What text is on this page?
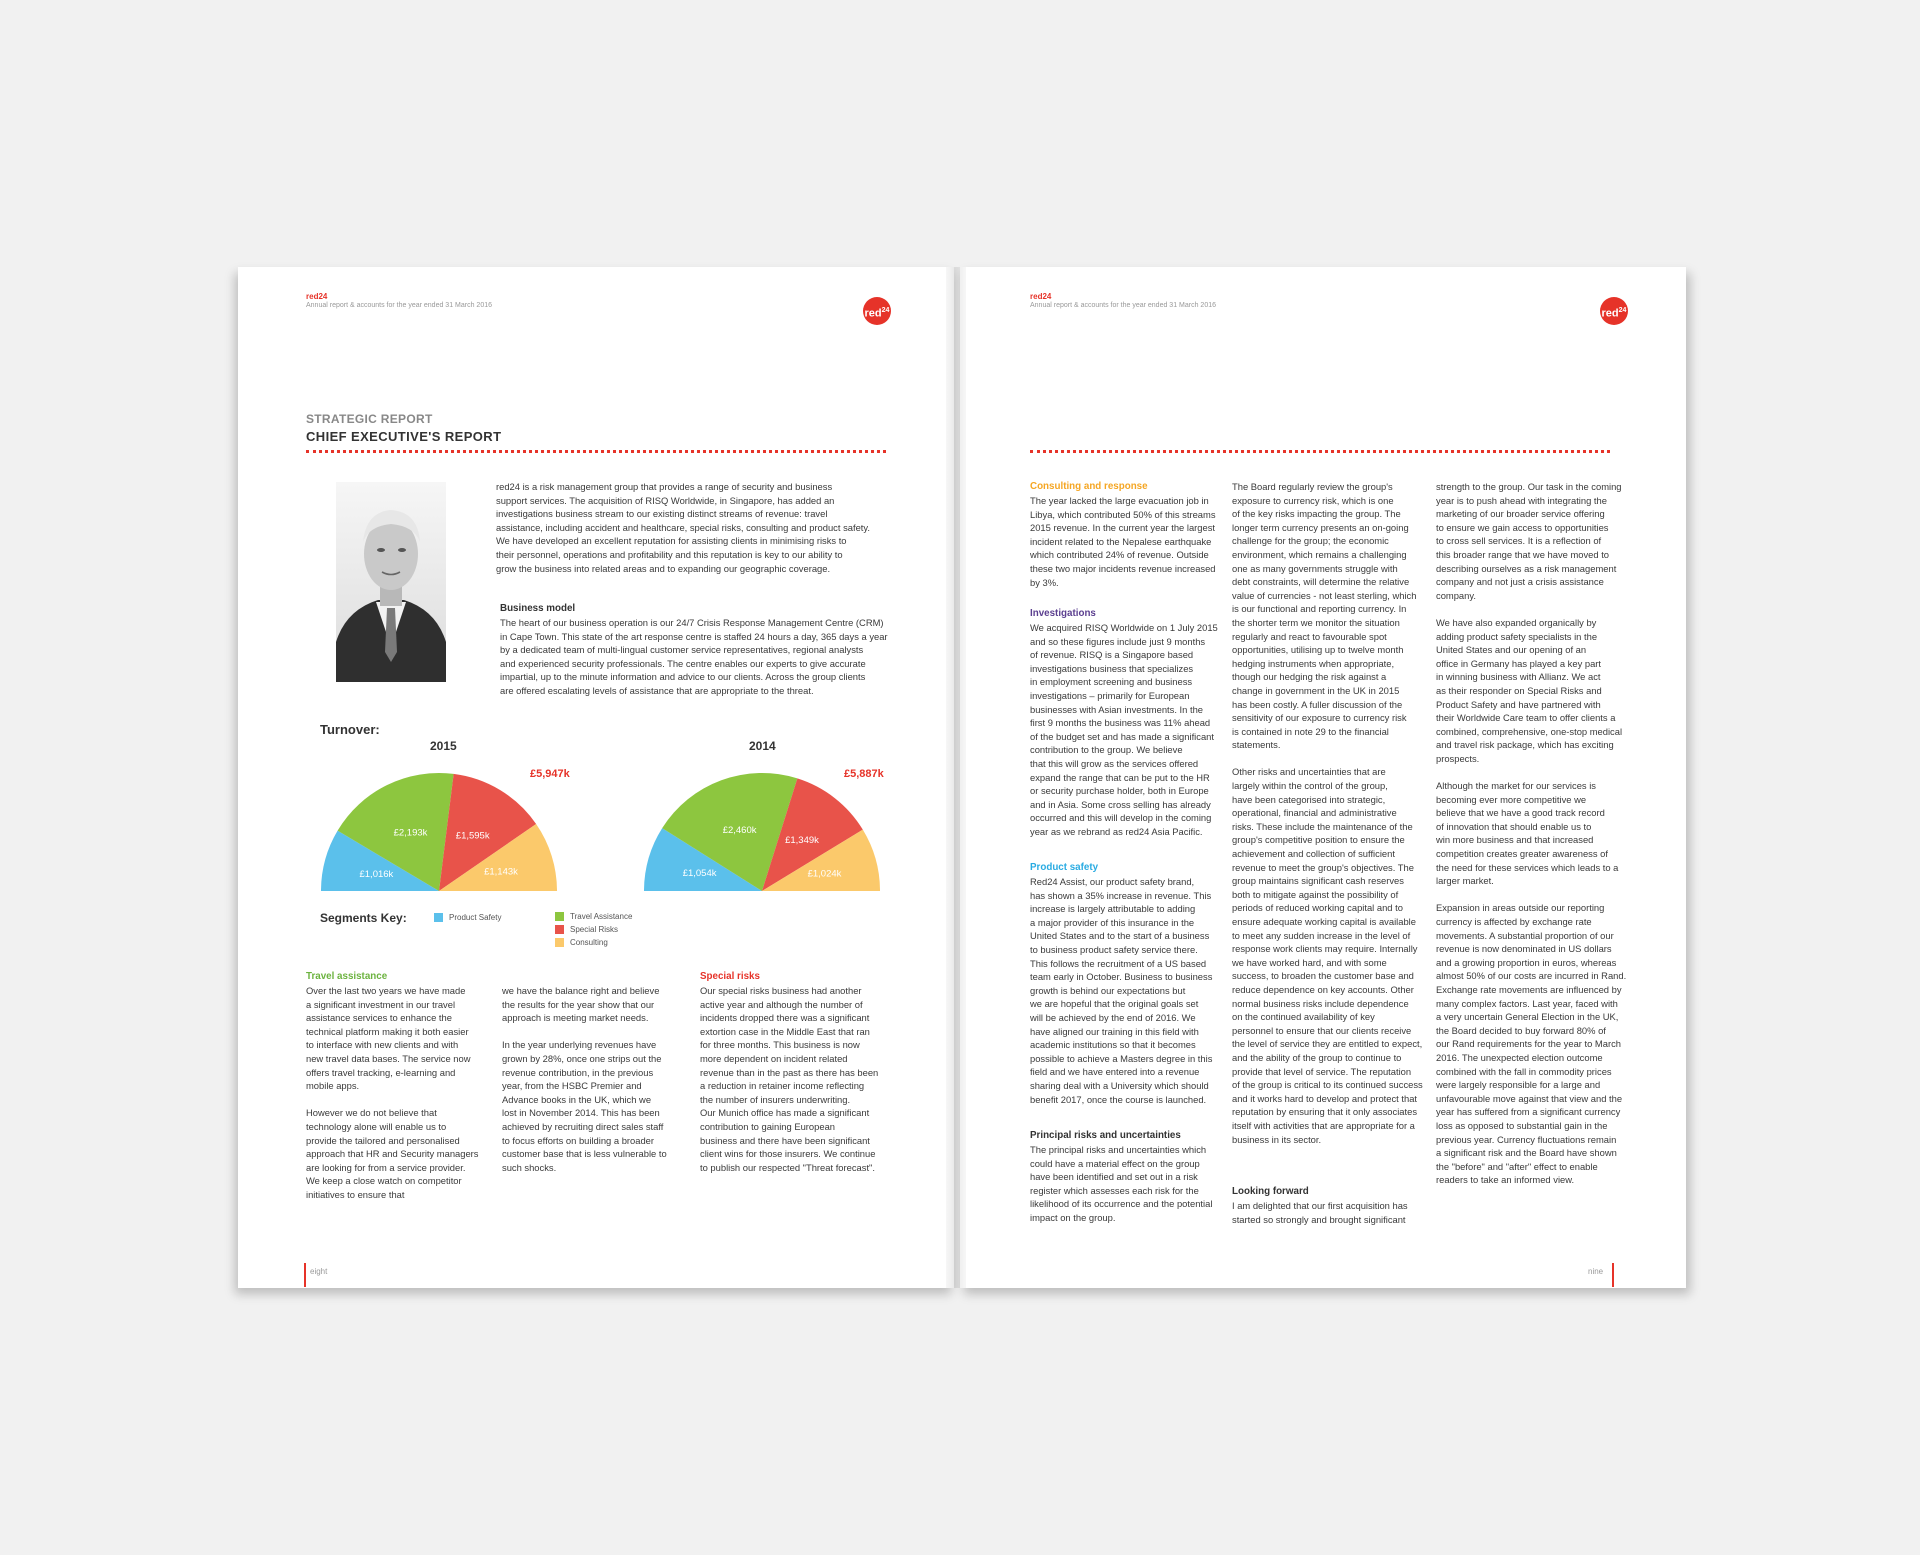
red24
Annual report & accounts for the year ended 31 March 2016
red$^{24}$
STRATEGIC REPORT
CHIEF EXECUTIVE'S REPORT
red24 is a risk management group that provides a range of security and business
support services. The acquisition of RISQ Worldwide, in Singapore, has added an
investigations business stream to our existing distinct streams of revenue: travel
assistance, including accident and healthcare, special risks, consulting and product safety.
We have developed an excellent reputation for assisting clients in minimising risks to
their personnel, operations and profitability and this reputation is key to our ability to
grow the business into related areas and to expanding our geographic coverage.
Business model
The heart of our business operation is our 24/7 Crisis Response Management Centre (CRM)
in Cape Town. This state of the art response centre is staffed 24 hours a day, 365 days a year
by a dedicated team of multi-lingual customer service representatives, regional analysts
and experienced security professionals. The centre enables our experts to give accurate
impartial, up to the minute information and advice to our clients. Across the group clients
are offered escalating levels of assistance that are appropriate to the threat.
Turnover:
2015
£5,947k
£1,016k
£2,193k	£1,595k
£1,143k
2014
£5,887k
£1,054k
£2,460k
£1,349k
£1,024k
Segments Key:	Product Safety	Travel Assistance
Special Risks
Consulting
Travel assistance
Over the last two years we have made
a significant investment in our travel
assistance services to enhance the
technical platform making it both easier
to interface with new clients and with
new travel data bases. The service now
offers travel tracking, e-learning and
mobile apps.

However we do not believe that
technology alone will enable us to
provide the tailored and personalised
approach that HR and Security managers
are looking for from a service provider.
We keep a close watch on competitor
initiatives to ensure that
we have the balance right and believe
the results for the year show that our
approach is meeting market needs.

In the year underlying revenues have
grown by 28%, once one strips out the
revenue contribution, in the previous
year, from the HSBC Premier and
Advance books in the UK, which we
lost in November 2014. This has been
achieved by recruiting direct sales staff
to focus efforts on building a broader
customer base that is less vulnerable to
such shocks.
Special risks
Our special risks business had another
active year and although the number of
incidents dropped there was a significant
extortion case in the Middle East that ran
for three months. This business is now
more dependent on incident related
revenue than in the past as there has been
a reduction in retainer income reflecting
the number of insurers underwriting.
Our Munich office has made a significant
contribution to gaining European
business and there have been significant
client wins for those insurers. We continue
to publish our respected "Threat forecast".
eight
red24
Annual report & accounts for the year ended 31 March 2016
red$^{24}$
Consulting and response
The year lacked the large evacuation job in
Libya, which contributed 50% of this streams
2015 revenue. In the current year the largest
incident related to the Nepalese earthquake
which contributed 24% of revenue. Outside
these two major incidents revenue increased
by 3%.
Investigations
We acquired RISQ Worldwide on 1 July 2015
and so these figures include just 9 months
of revenue. RISQ is a Singapore based
investigations business that specializes
in employment screening and business
investigations – primarily for European
businesses with Asian investments. In the
first 9 months the business was 11% ahead
of the budget set and has made a significant
contribution to the group. We believe
that this will grow as the services offered
expand the range that can be put to the HR
or security purchase holder, both in Europe
and in Asia. Some cross selling has already
occurred and this will develop in the coming
year as we rebrand as red24 Asia Pacific.
Product safety
Red24 Assist, our product safety brand,
has shown a 35% increase in revenue. This
increase is largely attributable to adding
a major provider of this insurance in the
United States and to the start of a business
to business product safety service there.
This follows the recruitment of a US based
team early in October. Business to business
growth is behind our expectations but
we are hopeful that the original goals set
will be achieved by the end of 2016. We
have aligned our training in this field with
academic institutions so that it becomes
possible to achieve a Masters degree in this
field and we have entered into a revenue
sharing deal with a University which should
benefit 2017, once the course is launched.
Principal risks and uncertainties
The principal risks and uncertainties which
could have a material effect on the group
have been identified and set out in a risk
register which assesses each risk for the
likelihood of its occurrence and the potential
impact on the group.
The Board regularly review the group's
exposure to currency risk, which is one
of the key risks impacting the group. The
longer term currency presents an on-going
challenge for the group; the economic
environment, which remains a challenging
one as many governments struggle with
debt constraints, will determine the relative
value of currencies - not least sterling, which
is our functional and reporting currency. In
the shorter term we monitor the situation
regularly and react to favourable spot
opportunities, utilising up to twelve month
hedging instruments when appropriate,
though our hedging the risk against a
change in government in the UK in 2015
has been costly. A fuller discussion of the
sensitivity of our exposure to currency risk
is contained in note 29 to the financial
statements.

Other risks and uncertainties that are
largely within the control of the group,
have been categorised into strategic,
operational, financial and administrative
risks. These include the maintenance of the
group's competitive position to ensure the
achievement and collection of sufficient
revenue to meet the group's objectives. The
group maintains significant cash reserves
both to mitigate against the possibility of
periods of reduced working capital and to
ensure adequate working capital is available
to meet any sudden increase in the level of
response work clients may require. Internally
we have worked hard, and with some
success, to broaden the customer base and
reduce dependence on key accounts. Other
normal business risks include dependence
on the continued availability of key
personnel to ensure that our clients receive
the level of service they are entitled to expect,
and the ability of the group to continue to
provide that level of service. The reputation
of the group is critical to its continued success
and it works hard to develop and protect that
reputation by ensuring that it only associates
itself with activities that are appropriate for a
business in its sector.
Looking forward
I am delighted that our first acquisition has
started so strongly and brought significant
strength to the group. Our task in the coming
year is to push ahead with integrating the
marketing of our broader service offering
to ensure we gain access to opportunities
to cross sell services. It is a reflection of
this broader range that we have moved to
describing ourselves as a risk management
company and not just a crisis assistance
company.

We have also expanded organically by
adding product safety specialists in the
United States and our opening of an
office in Germany has played a key part
in winning business with Allianz. We act
as their responder on Special Risks and
Product Safety and have partnered with
their Worldwide Care team to offer clients a
combined, comprehensive, one-stop medical
and travel risk package, which has exciting
prospects.

Although the market for our services is
becoming ever more competitive we
believe that we have a good track record
of innovation that should enable us to
win more business and that increased
competition creates greater awareness of
the need for these services which leads to a
larger market.

Expansion in areas outside our reporting
currency is affected by exchange rate
movements. A substantial proportion of our
revenue is now denominated in US dollars
and a growing proportion in euros, whereas
almost 50% of our costs are incurred in Rand.
Exchange rate movements are influenced by
many complex factors. Last year, faced with
a very uncertain General Election in the UK,
the Board decided to buy forward 80% of
our Rand requirements for the year to March
2016. The unexpected election outcome
combined with the fall in commodity prices
were largely responsible for a large and
unfavourable move against that view and the
year has suffered from a significant currency
loss as opposed to substantial gain in the
previous year. Currency fluctuations remain
a significant risk and the Board have shown
the "before" and "after" effect to enable
readers to take an informed view.
nine
